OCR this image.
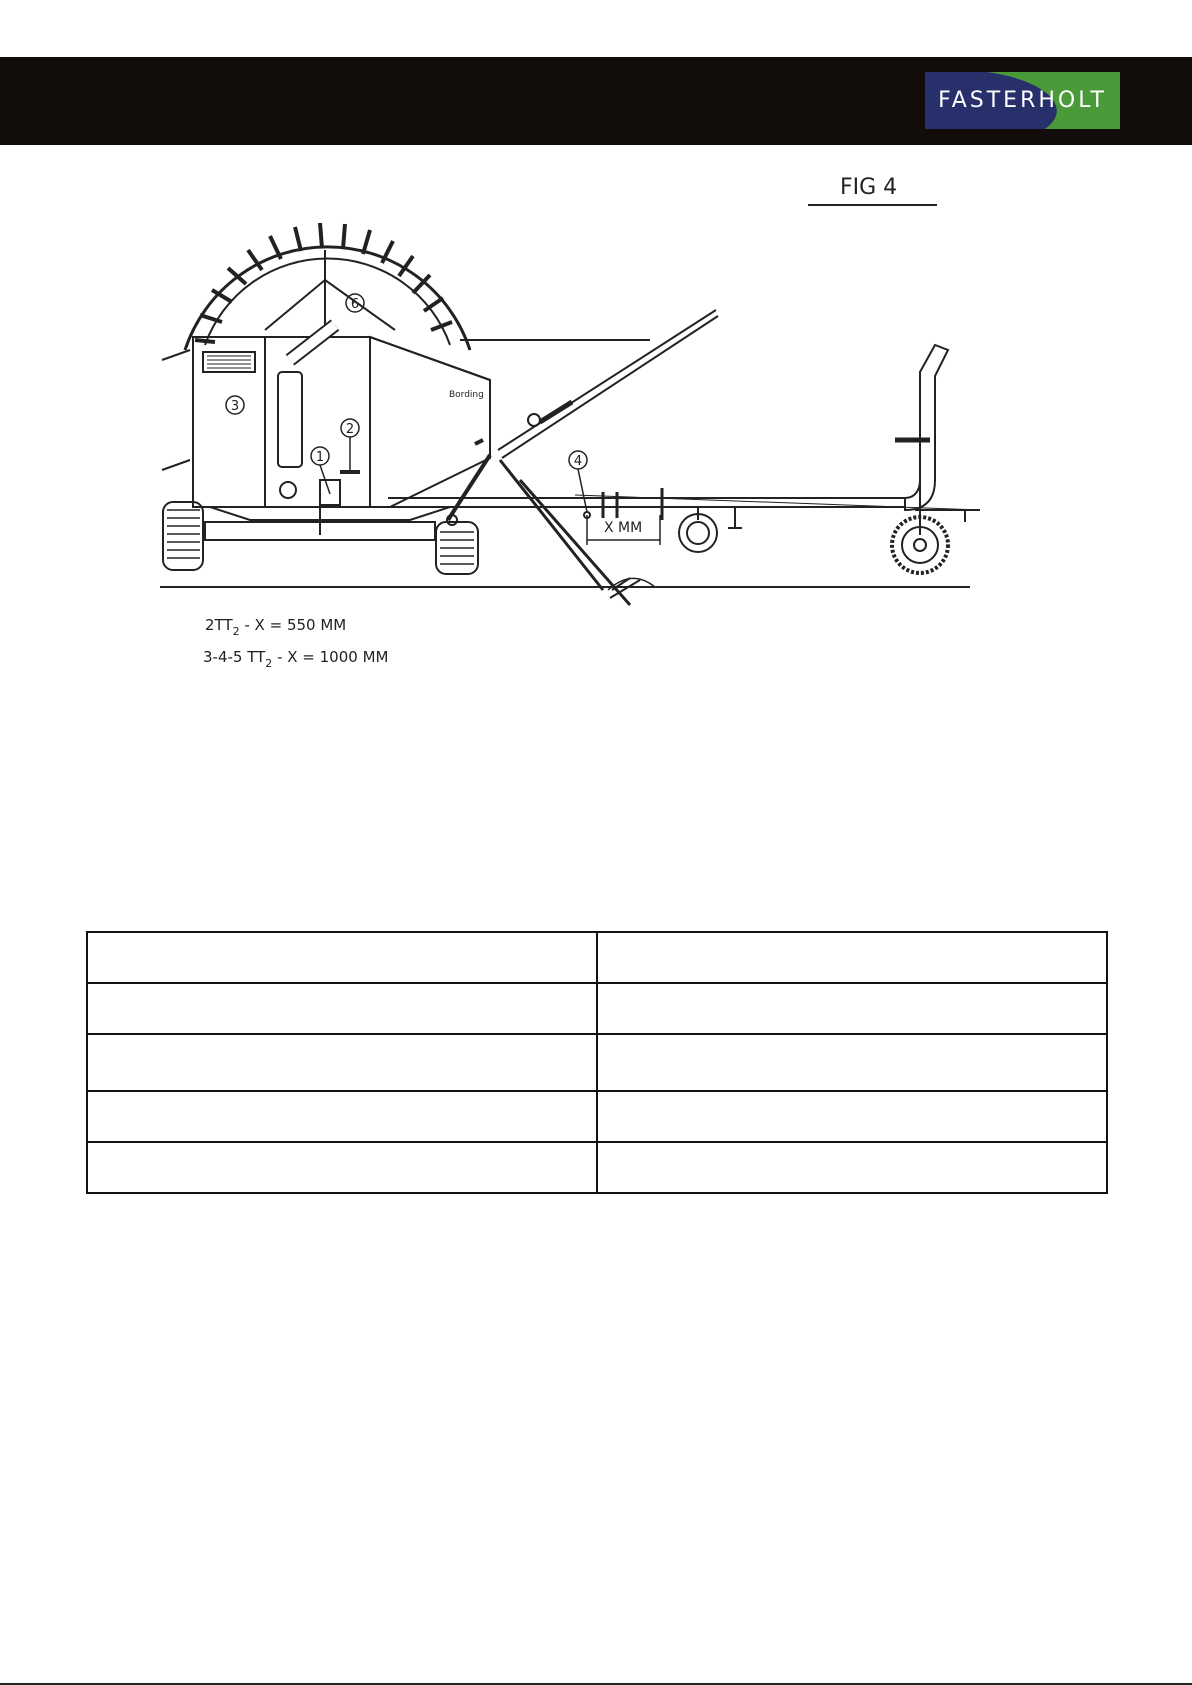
FASTERHOLT
FIG 4
Bording
X MM
6
3
2
1	4
$2TT_2 - X = 550$ MM
3-4-5 $TT_2 - X = 1000$ MM
